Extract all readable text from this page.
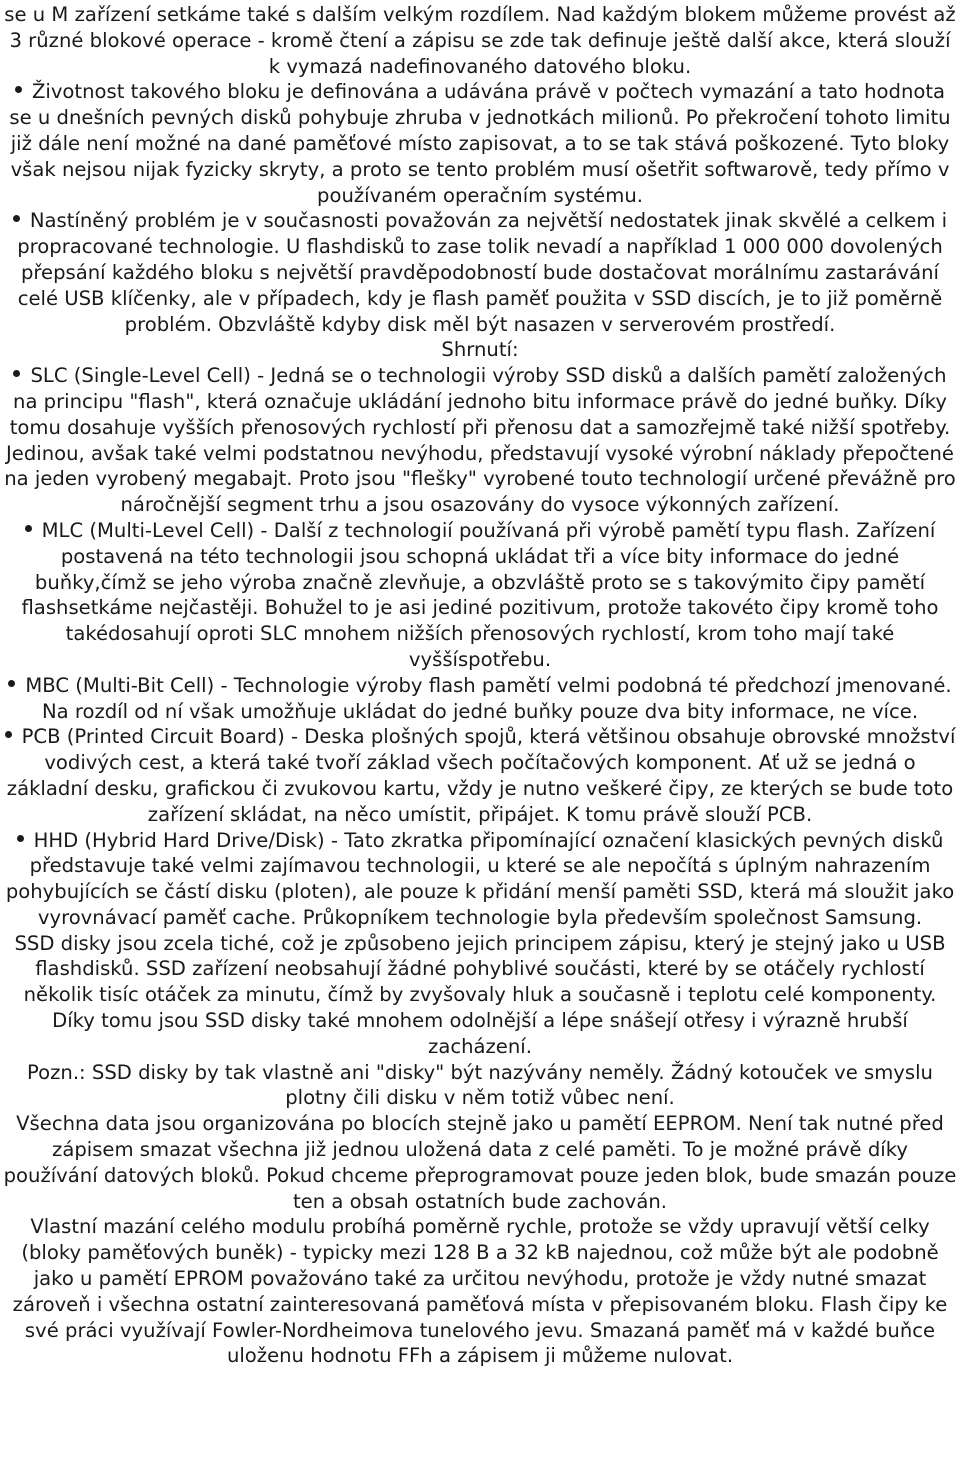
se u M zařízení setkáme také s dalším velkým rozdílem. Nad každým blokem můžeme provést až 3 různé blokové operace - kromě čtení a zápisu se zde tak definuje ještě další akce, která slouží k vymazá nadefinovaného datového bloku.

Životnost takového bloku je definována a udávána právě v počtech vymazání a tato hodnota se u dnešních pevných disků pohybuje zhruba v jednotkách milionů. Po překročení tohoto limitu již dále není možné na dané paměťové místo zapisovat, a to se tak stává poškozené. Tyto bloky však nejsou nijak fyzicky skryty, a proto se tento problém musí ošetřit softwarově, tedy přímo v používaném operačním systému.

Nastíněný problém je v současnosti považován za největší nedostatek jinak skvělé a celkem i propracované technologie. U flashdisků to zase tolik nevadí a například 1 000 000 dovolených přepsání každého bloku s největší pravděpodobností bude dostačovat morálnímu zastarávání celé USB klíčenky, ale v případech, kdy je flash paměť použita v SSD discích, je to již poměrně problém. Obzvláště kdyby disk měl být nasazen v serverovém prostředí.

Shrnutí:

SLC (Single-Level Cell) - Jedná se o technologii výroby SSD disků a dalších pamětí založených na principu "flash", která označuje ukládání jednoho bitu informace právě do jedné buňky. Díky tomu dosahuje vyšších přenosových rychlostí při přenosu dat a samozřejmě také nižší spotřeby. Jedinou, avšak také velmi podstatnou nevýhodu, představují vysoké výrobní náklady přepočtené na jeden vyrobený megabajt. Proto jsou "flešky" vyrobené touto technologií určené převážně pro náročnější segment trhu a jsou osazovány do vysoce výkonných zařízení.

MLC (Multi-Level Cell) - Další z technologií používaná při výrobě pamětí typu flash. Zařízení postavená na této technologii jsou schopná ukládat tři a více bity informace do jedné buňky,čímž se jeho výroba značně zlevňuje, a obzvláště proto se s takovýmito čipy pamětí flashsetkáme nejčastěji. Bohužel to je asi jediné pozitivum, protože takovéto čipy kromě toho takédosahují oproti SLC mnohem nižších přenosových rychlostí, krom toho mají také vyššíspotřebu.

MBC (Multi-Bit Cell) - Technologie výroby flash pamětí velmi podobná té předchozí jmenované. Na rozdíl od ní však umožňuje ukládat do jedné buňky pouze dva bity informace, ne více.

PCB (Printed Circuit Board) - Deska plošných spojů, která většinou obsahuje obrovské množství vodivých cest, a která také tvoří základ všech počítačových komponent. Ať už se jedná o základní desku, grafickou či zvukovou kartu, vždy je nutno veškeré čipy, ze kterých se bude toto zařízení skládat, na něco umístit, připájet. K tomu právě slouží PCB.

HHD (Hybrid Hard Drive/Disk) - Tato zkratka připomínající označení klasických pevných disků představuje také velmi zajímavou technologii, u které se ale nepočítá s úplným nahrazením pohybujících se částí disku (ploten), ale pouze k přidání menší paměti SSD, která má sloužit jako vyrovnávací paměť cache. Průkopníkem technologie byla především společnost Samsung.

SSD disky jsou zcela tiché, což je způsobeno jejich principem zápisu, který je stejný jako u USB flashdisků. SSD zařízení neobsahují žádné pohyblivé součásti, které by se otáčely rychlostí několik tisíc otáček za minutu, čímž by zvyšovaly hluk a současně i teplotu celé komponenty. Díky tomu jsou SSD disky také mnohem odolnější a lépe snášejí otřesy i výrazně hrubší zacházení.

Pozn.: SSD disky by tak vlastně ani "disky" být nazývány neměly. Žádný kotouček ve smyslu plotny čili disku v něm totiž vůbec není.

Všechna data jsou organizována po blocích stejně jako u pamětí EEPROM. Není tak nutné před zápisem smazat všechna již jednou uložená data z celé paměti. To je možné právě díky používání datových bloků. Pokud chceme přeprogramovat pouze jeden blok, bude smazán pouze ten a obsah ostatních bude zachován.

Vlastní mazání celého modulu probíhá poměrně rychle, protože se vždy upravují větší celky (bloky paměťových buněk) - typicky mezi 128 B a 32 kB najednou, což může být ale podobně jako u pamětí EPROM považováno také za určitou nevýhodu, protože je vždy nutné smazat zároveň i všechna ostatní zainteresovaná paměťová místa v přepisovaném bloku. Flash čipy ke své práci využívají Fowler-Nordheimova tunelového jevu. Smazaná paměť má v každé buňce uloženu hodnotu FFh a zápisem ji můžeme nulovat.
